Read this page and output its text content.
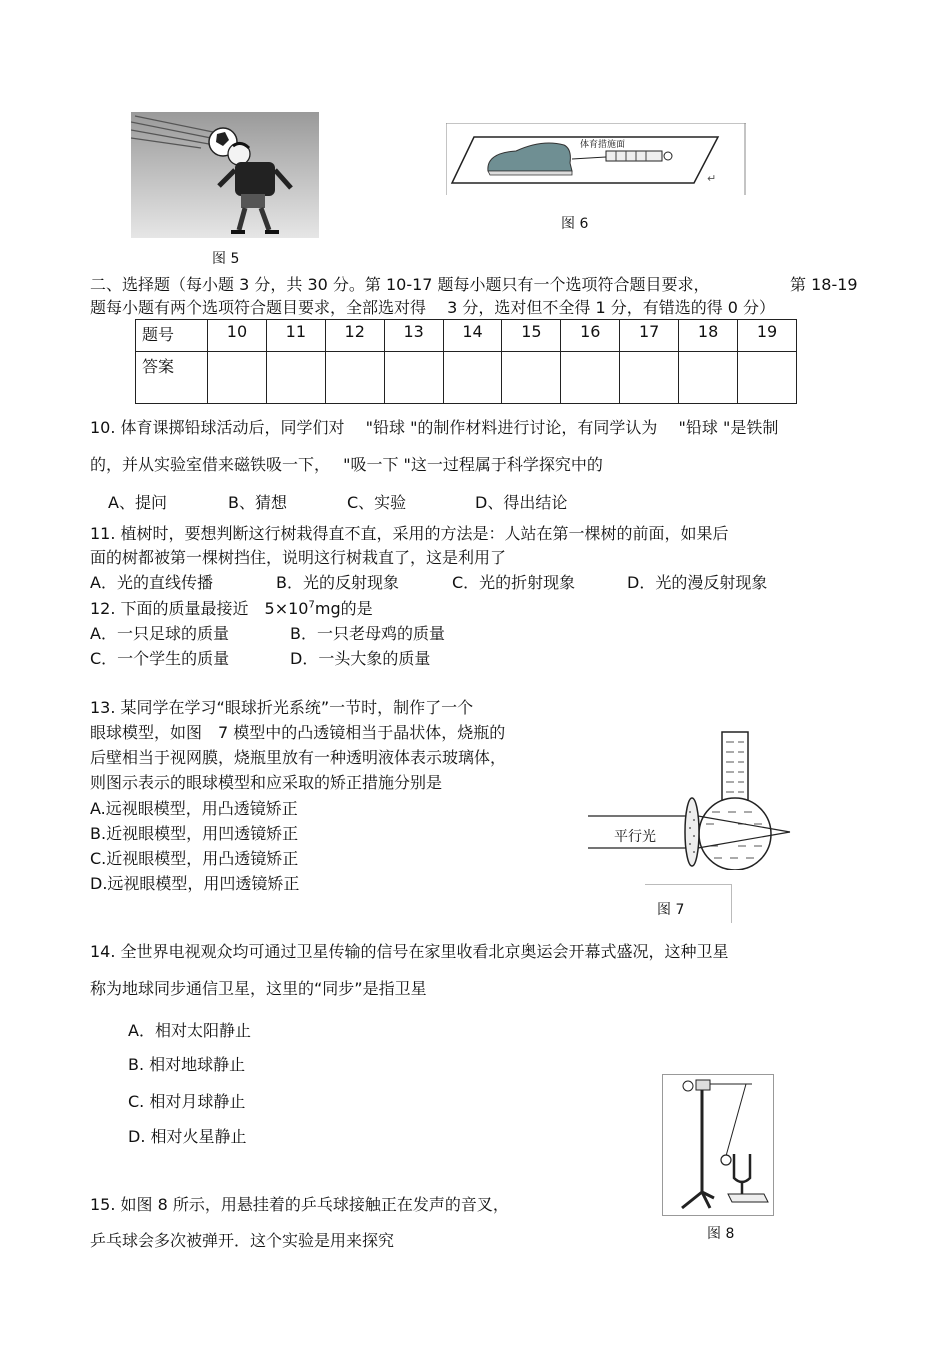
图 5
体育措施面
↵
图 6
二、选择题（每小题 3 分，共 30 分。第 10-17 题每小题只有一个选项符合题目要求，	第 18-19
题每小题有两个选项符合题目要求，全部选对得　 3 分，选对但不全得 1 分，有错选的得 0 分）
题号	10	11	12	13	14	15	16	17	18	19
答案										
10. 体育课掷铅球活动后，同学们对　 "铅球 "的制作材料进行讨论，有同学认为　 "铅球 "是铁制
的，并从实验室借来磁铁吸一下，　 "吸一下 "这一过程属于科学探究中的
A、提问	B、猜想	C、实验	D、得出结论
11. 植树时，要想判断这行树栽得直不直，采用的方法是：人站在第一棵树的前面，如果后
面的树都被第一棵树挡住，说明这行树栽直了，这是利用了
A．光的直线传播	B．光的反射现象	C．光的折射现象	D．光的漫反射现象
12. 下面的质量最接近　$5\times 10^7mg$的是
A．一只足球的质量	B．一只老母鸡的质量
C．一个学生的质量	D．一头大象的质量
13. 某同学在学习“眼球折光系统”一节时，制作了一个
眼球模型，如图　7 模型中的凸透镜相当于晶状体，烧瓶的
后壁相当于视网膜，烧瓶里放有一种透明液体表示玻璃体，
则图示表示的眼球模型和应采取的矫正措施分别是
A.远视眼模型，用凸透镜矫正
B.近视眼模型，用凹透镜矫正
C.近视眼模型，用凸透镜矫正
D.远视眼模型，用凹透镜矫正
平行光
图 7
14. 全世界电视观众均可通过卫星传输的信号在家里收看北京奥运会开幕式盛况，这种卫星
称为地球同步通信卫星，这里的“同步”是指卫星
A．相对太阳静止
B. 相对地球静止
C. 相对月球静止
D. 相对火星静止
图 8
15. 如图 8 所示，用悬挂着的乒乓球接触正在发声的音叉，
乒乓球会多次被弹开．这个实验是用来探究
